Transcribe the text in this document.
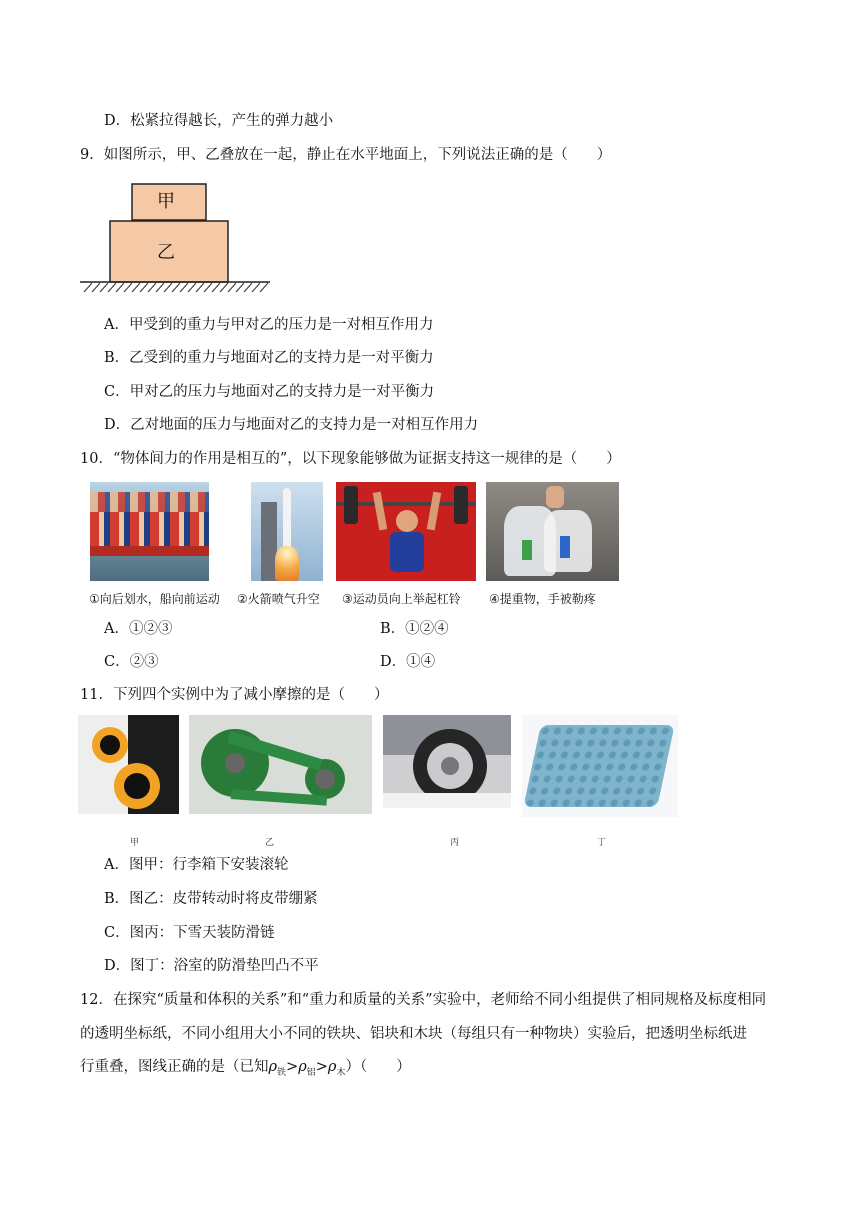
D．松紧拉得越长，产生的弹力越小
9．如图所示，甲、乙叠放在一起，静止在水平地面上，下列说法正确的是（　　）
甲
乙
A．甲受到的重力与甲对乙的压力是一对相互作用力
B．乙受到的重力与地面对乙的支持力是一对平衡力
C．甲对乙的压力与地面对乙的支持力是一对平衡力
D．乙对地面的压力与地面对乙的支持力是一对相互作用力
10．“物体间力的作用是相互的”，以下现象能够做为证据支持这一规律的是（　　）
①向后划水，船向前运动 ②火箭喷气升空 ③运动员向上举起杠铃 ④提重物，手被勒疼
A．①②③	B．①②④
C．②③	D．①④
11．下列四个实例中为了减小摩擦的是（　　）
甲	乙	丙	丁
A．图甲：行李箱下安装滚轮
B．图乙：皮带转动时将皮带绷紧
C．图丙：下雪天装防滑链
D．图丁：浴室的防滑垫凹凸不平
12．在探究“质量和体积的关系”和“重力和质量的关系”实验中，老师给不同小组提供了相同规格及标度相同
的透明坐标纸，不同小组用大小不同的铁块、铝块和木块（每组只有一种物块）实验后，把透明坐标纸进
行重叠，图线正确的是（已知$\rho_铁>\rho_铝>\rho_木$）（　　）
